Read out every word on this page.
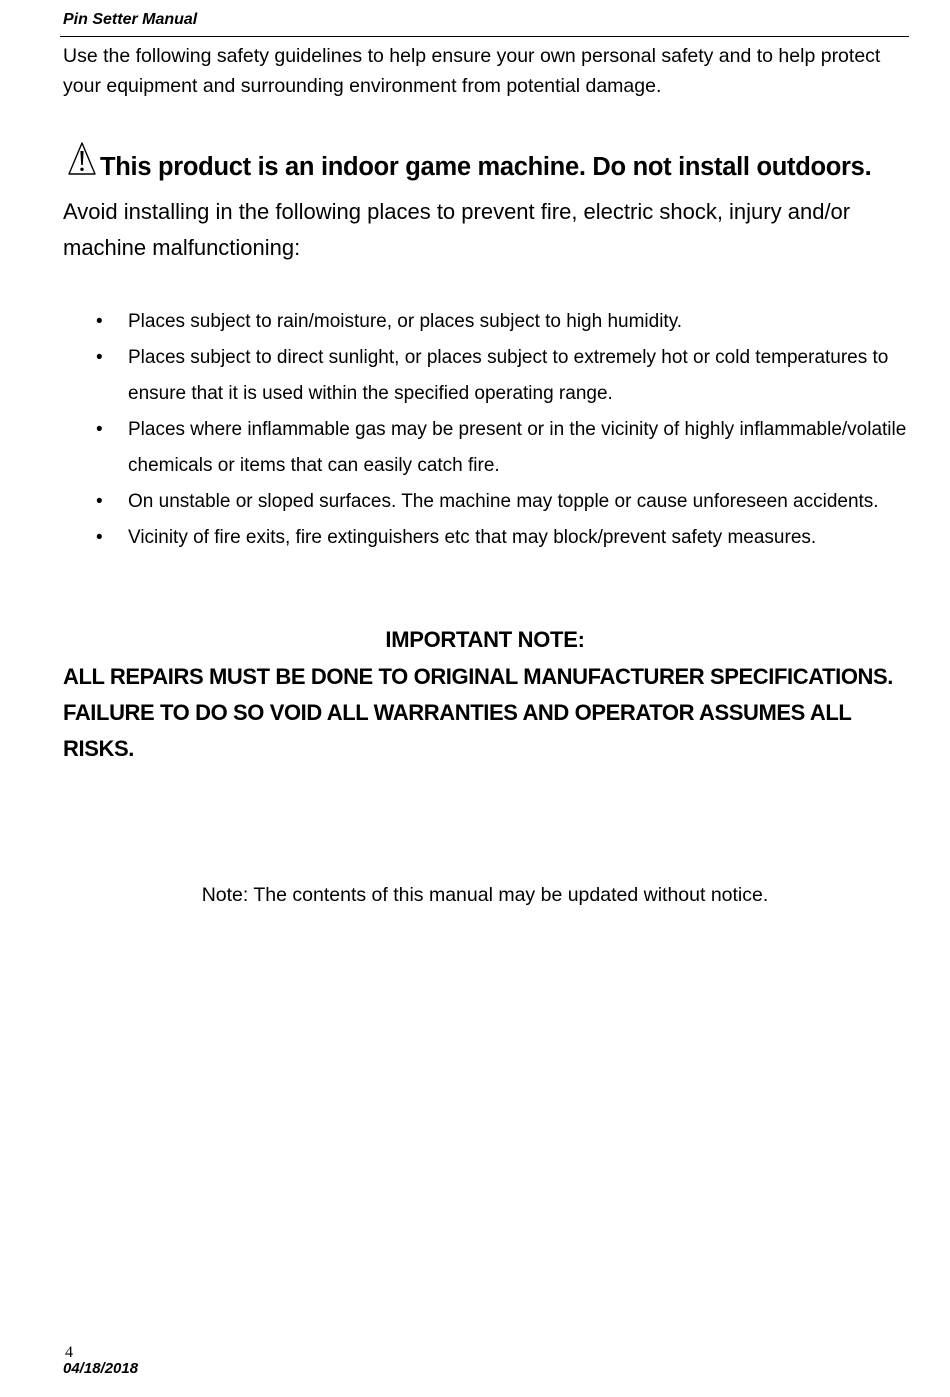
Pin Setter Manual

Use the following safety guidelines to help ensure your own personal safety and to help protect your equipment and surrounding environment from potential damage.

This product is an indoor game machine. Do not install outdoors.

Avoid installing in the following places to prevent fire, electric shock, injury and/or machine malfunctioning:

• Places subject to rain/moisture, or places subject to high humidity.
• Places subject to direct sunlight, or places subject to extremely hot or cold temperatures to ensure that it is used within the specified operating range.
• Places where inflammable gas may be present or in the vicinity of highly inflammable/volatile chemicals or items that can easily catch fire.
• On unstable or sloped surfaces. The machine may topple or cause unforeseen accidents.
• Vicinity of fire exits, fire extinguishers etc that may block/prevent safety measures.
IMPORTANT NOTE:

ALL REPAIRS MUST BE DONE TO ORIGINAL MANUFACTURER SPECIFICATIONS. FAILURE TO DO SO VOID ALL WARRANTIES AND OPERATOR ASSUMES ALL RISKS.

Note: The contents of this manual may be updated without notice.
4
04/18/2018
